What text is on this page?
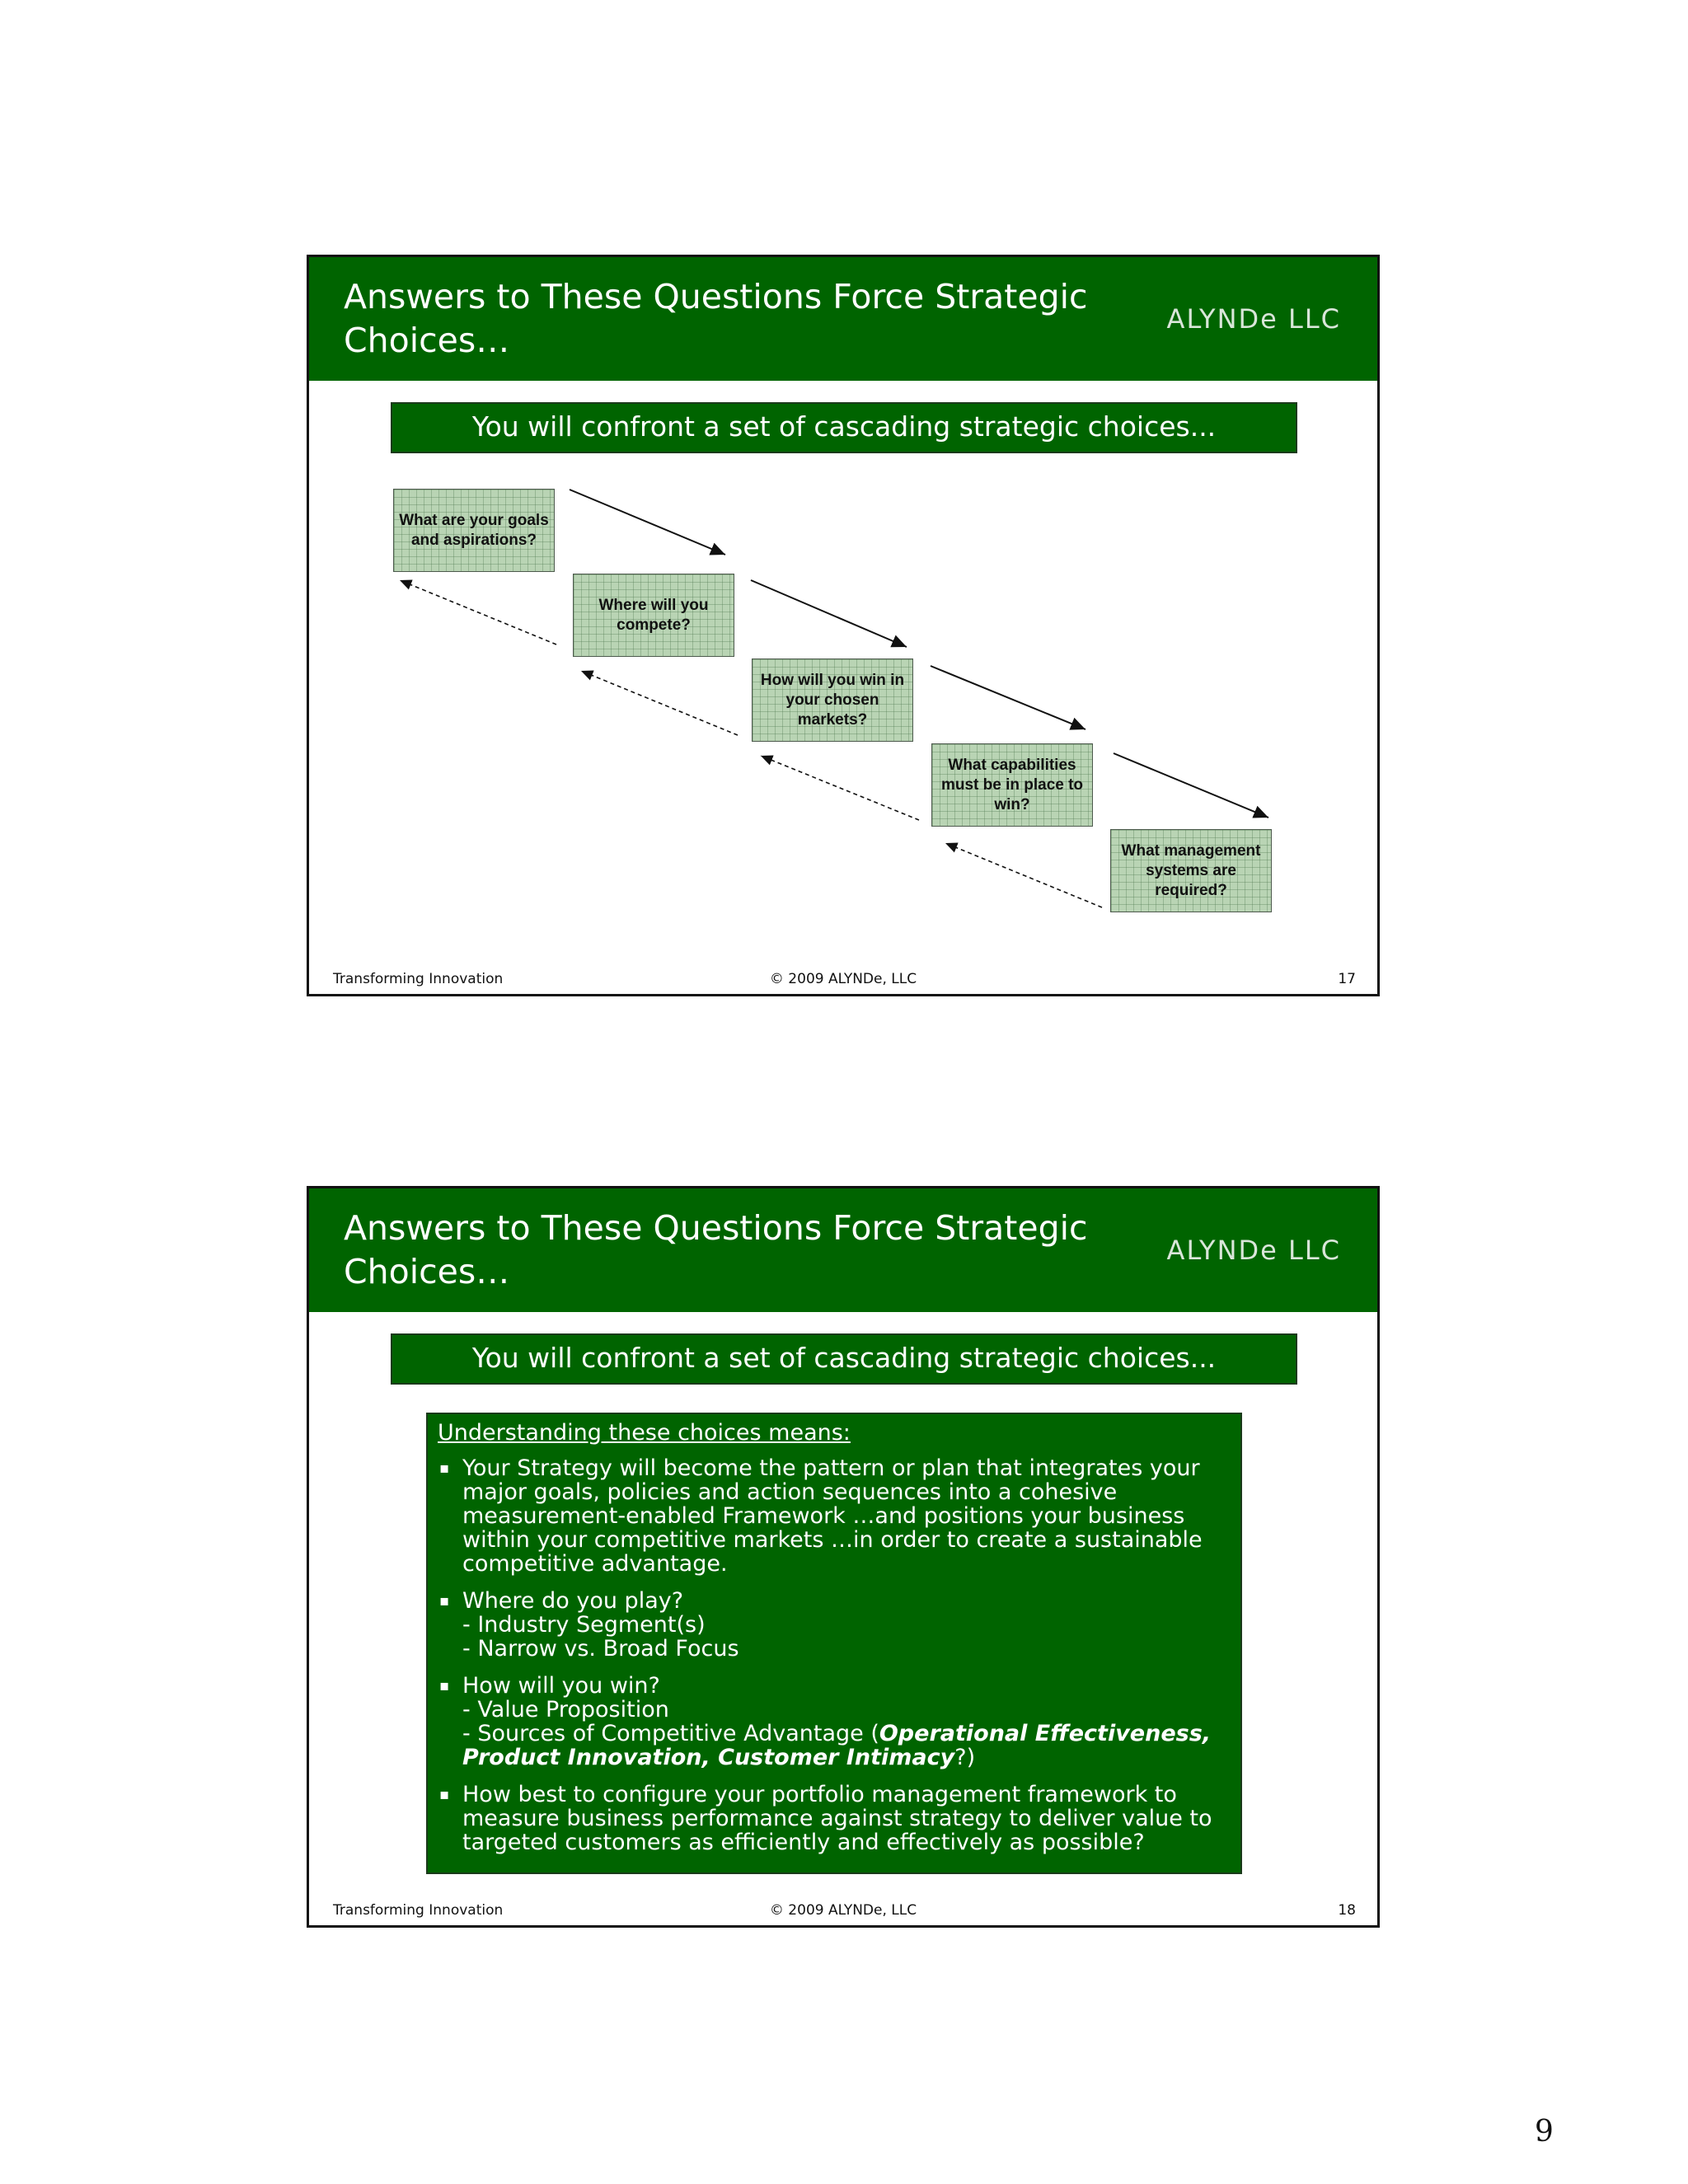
Answers to These Questions Force Strategic Choices…
ALYNDe LLC
You will confront a set of cascading strategic choices...
What are your goals and aspirations?
Where will you compete?
How will you win in your chosen markets?
What capabilities must be in place to win?
What management systems are required?
Transforming Innovation	© 2009 ALYNDe, LLC	17
Answers to These Questions Force Strategic Choices…
ALYNDe LLC
You will confront a set of cascading strategic choices...
Understanding these choices means:
▪ Your Strategy will become the pattern or plan that integrates your major goals, policies and action sequences into a cohesive measurement-enabled Framework …and positions your business within your competitive markets …in order to create a sustainable competitive advantage.
▪ Where do you play?
- Industry Segment(s)
- Narrow vs. Broad Focus
▪ How will you win?
- Value Proposition
- Sources of Competitive Advantage (Operational Effectiveness, Product Innovation, Customer Intimacy?)
▪ How best to configure your portfolio management framework to measure business performance against strategy to deliver value to targeted customers as efficiently and effectively as possible?
Transforming Innovation	© 2009 ALYNDe, LLC	18
9
